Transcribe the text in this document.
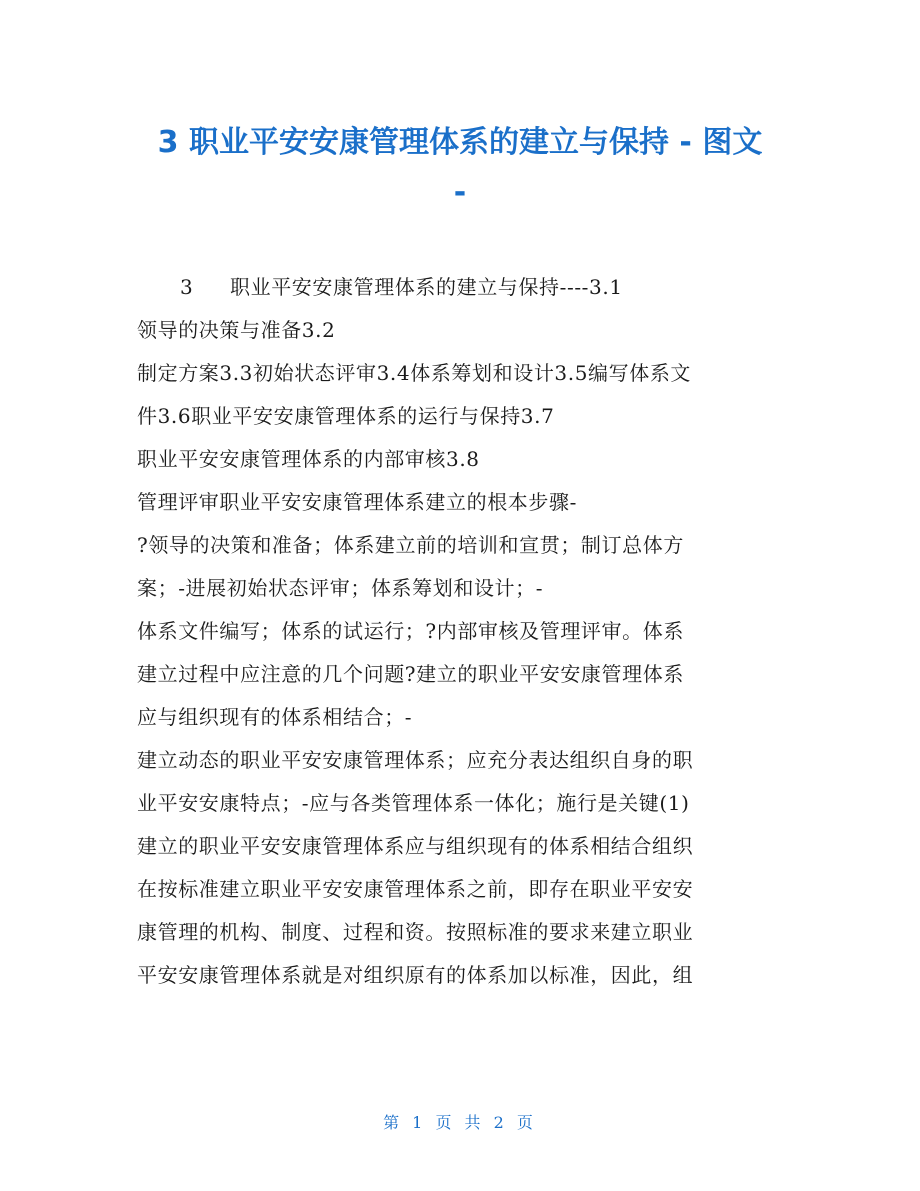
3 职业平安安康管理体系的建立与保持 - 图文
-
3 职业平安安康管理体系的建立与保持----3.1
领导的决策与准备3.2
制定方案3.3初始状态评审3.4体系筹划和设计3.5编写体系文
件3.6职业平安安康管理体系的运行与保持3.7
职业平安安康管理体系的内部审核3.8
管理评审职业平安安康管理体系建立的根本步骤-
?领导的决策和准备；体系建立前的培训和宣贯；制订总体方
案；-进展初始状态评审；体系筹划和设计；-
体系文件编写；体系的试运行；?内部审核及管理评审。体系
建立过程中应注意的几个问题?建立的职业平安安康管理体系
应与组织现有的体系相结合；-
建立动态的职业平安安康管理体系；应充分表达组织自身的职
业平安安康特点；-应与各类管理体系一体化；施行是关键(1)
建立的职业平安安康管理体系应与组织现有的体系相结合组织
在按标准建立职业平安安康管理体系之前，即存在职业平安安
康管理的机构、制度、过程和资。按照标准的要求来建立职业
平安安康管理体系就是对组织原有的体系加以标准，因此，组
第 1 页 共 2 页
